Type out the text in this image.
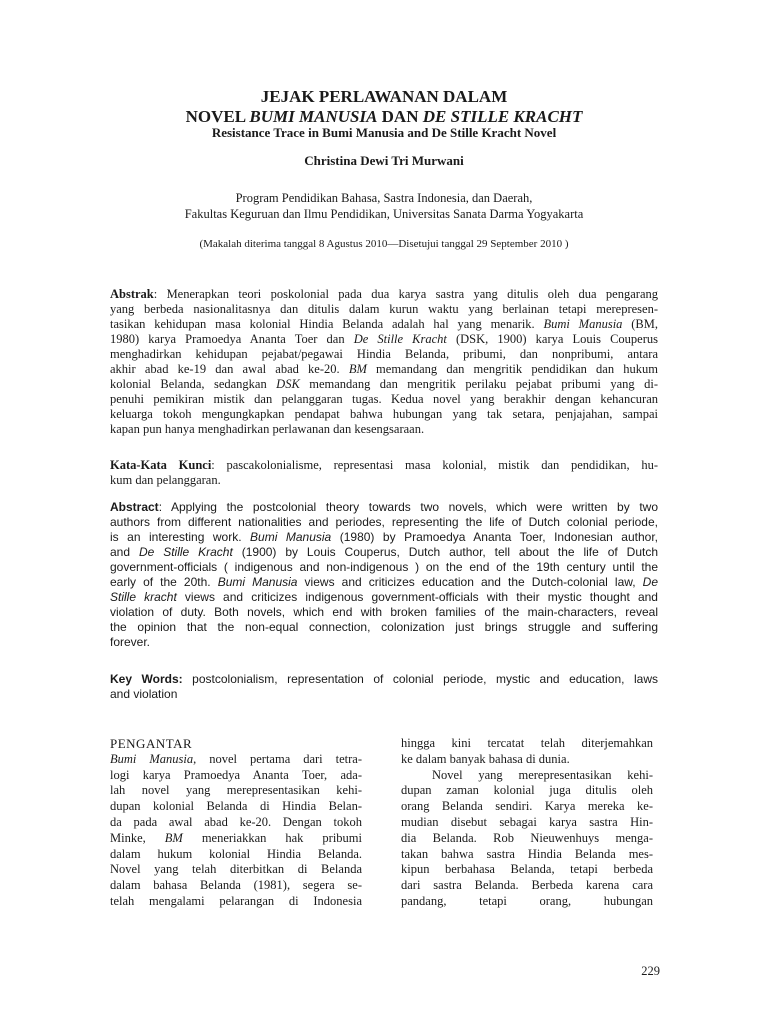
JEJAK PERLAWANAN DALAM
NOVEL BUMI MANUSIA DAN DE STILLE KRACHT
Resistance Trace in Bumi Manusia and De Stille Kracht Novel
Christina Dewi Tri Murwani
Program Pendidikan Bahasa, Sastra Indonesia, dan Daerah,
Fakultas Keguruan dan Ilmu Pendidikan, Universitas Sanata Darma Yogyakarta
(Makalah diterima tanggal 8 Agustus 2010—Disetujui tanggal 29 September 2010 )
Abstrak: Menerapkan teori poskolonial pada dua karya sastra yang ditulis oleh dua pengarang
yang berbeda nasionalitasnya dan ditulis dalam kurun waktu yang berlainan tetapi merepresen-
tasikan kehidupan masa kolonial Hindia Belanda adalah hal yang menarik. Bumi Manusia (BM,
1980) karya Pramoedya Ananta Toer dan De Stille Kracht (DSK, 1900) karya Louis Couperus
menghadirkan kehidupan pejabat/pegawai Hindia Belanda, pribumi, dan nonpribumi, antara
akhir abad ke-19 dan awal abad ke-20. BM memandang dan mengritik pendidikan dan hukum
kolonial Belanda, sedangkan DSK memandang dan mengritik perilaku pejabat pribumi yang di-
penuhi pemikiran mistik dan pelanggaran tugas. Kedua novel yang berakhir dengan kehancuran
keluarga tokoh mengungkapkan pendapat bahwa hubungan yang tak setara, penjajahan, sampai
kapan pun hanya menghadirkan perlawanan dan kesengsaraan.
Kata-Kata Kunci: pascakolonialisme, representasi masa kolonial, mistik dan pendidikan, hu-
kum dan pelanggaran.
Abstract: Applying the postcolonial theory towards two novels, which were written by two
authors from different nationalities and periodes, representing the life of Dutch colonial periode,
is an interesting work. Bumi Manusia (1980) by Pramoedya Ananta Toer, Indonesian author,
and De Stille Kracht (1900) by Louis Couperus, Dutch author, tell about the life of Dutch
government-officials ( indigenous and non-indigenous ) on the end of the 19th century until the
early of the 20th. Bumi Manusia views and criticizes education and the Dutch-colonial law, De
Stille kracht views and criticizes indigenous government-officials with their mystic thought and
violation of duty. Both novels, which end with broken families of the main-characters, reveal
the opinion that the non-equal connection, colonization just brings struggle and suffering
forever.
Key Words: postcolonialism, representation of colonial periode, mystic and education, laws
and violation
PENGANTAR
Bumi Manusia, novel pertama dari tetra-
logi karya Pramoedya Ananta Toer, ada-
lah novel yang merepresentasikan kehi-
dupan kolonial Belanda di Hindia Belan-
da pada awal abad ke-20. Dengan tokoh
Minke, BM meneriakkan hak pribumi
dalam hukum kolonial Hindia Belanda.
Novel yang telah diterbitkan di Belanda
dalam bahasa Belanda (1981), segera se-
telah mengalami pelarangan di Indonesia
hingga kini tercatat telah diterjemahkan
ke dalam banyak bahasa di dunia.
Novel yang merepresentasikan kehi-
dupan zaman kolonial juga ditulis oleh
orang Belanda sendiri. Karya mereka ke-
mudian disebut sebagai karya sastra Hin-
dia Belanda. Rob Nieuwenhuys menga-
takan bahwa sastra Hindia Belanda mes-
kipun berbahasa Belanda, tetapi berbeda
dari sastra Belanda. Berbeda karena cara
pandang, tetapi orang, hubungan
229
